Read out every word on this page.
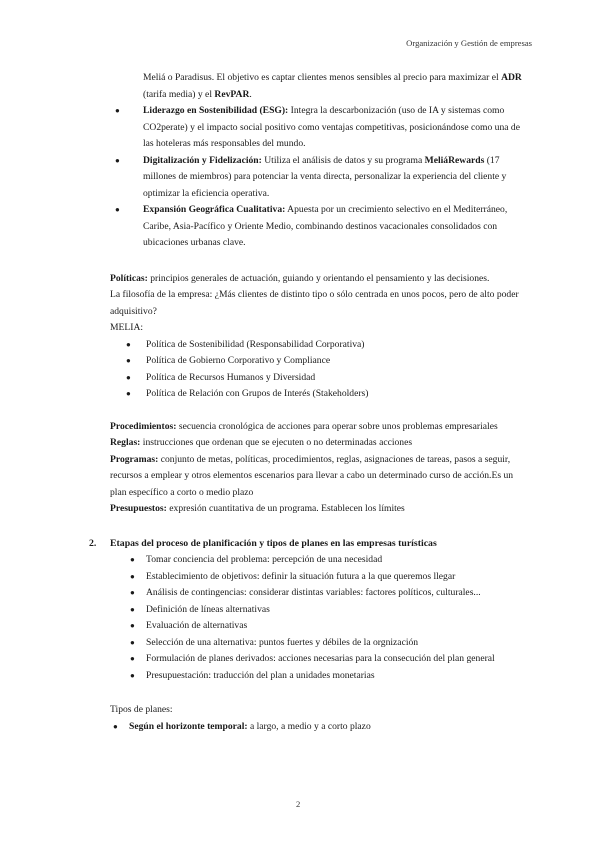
Organización y Gestión de empresas

Meliá o Paradisus. El objetivo es captar clientes menos sensibles al precio para maximizar el ADR (tarifa media) y el RevPAR.

● Liderazgo en Sostenibilidad (ESG): Integra la descarbonización (uso de IA y sistemas como CO2perate) y el impacto social positivo como ventajas competitivas, posicionándose como una de las hoteleras más responsables del mundo.
● Digitalización y Fidelización: Utiliza el análisis de datos y su programa MeliáRewards (17 millones de miembros) para potenciar la venta directa, personalizar la experiencia del cliente y optimizar la eficiencia operativa.
● Expansión Geográfica Cualitativa: Apuesta por un crecimiento selectivo en el Mediterráneo, Caribe, Asia-Pacífico y Oriente Medio, combinando destinos vacacionales consolidados con ubicaciones urbanas clave.

Políticas: principios generales de actuación, guiando y orientando el pensamiento y las decisiones.

La filosofía de la empresa: ¿Más clientes de distinto tipo o sólo centrada en unos pocos, pero de alto poder adquisitivo?

MELIA:

● Política de Sostenibilidad (Responsabilidad Corporativa)
● Política de Gobierno Corporativo y Compliance
● Política de Recursos Humanos y Diversidad
● Política de Relación con Grupos de Interés (Stakeholders)

Procedimientos: secuencia cronológica de acciones para operar sobre unos problemas empresariales

Reglas: instrucciones que ordenan que se ejecuten o no determinadas acciones

Programas: conjunto de metas, políticas, procedimientos, reglas, asignaciones de tareas, pasos a seguir, recursos a emplear y otros elementos escenarios para llevar a cabo un determinado curso de acción.Es un plan específico a corto o medio plazo

Presupuestos: expresión cuantitativa de un programa. Establecen los límites

2. Etapas del proceso de planificación y tipos de planes en las empresas turísticas

● Tomar conciencia del problema: percepción de una necesidad
● Establecimiento de objetivos: definir la situación futura a la que queremos llegar
● Análisis de contingencias: considerar distintas variables: factores políticos, culturales...
● Definición de líneas alternativas
● Evaluación de alternativas
● Selección de una alternativa: puntos fuertes y débiles de la orgnización
● Formulación de planes derivados: acciones necesarias para la consecución del plan general
● Presupuestación: traducción del plan a unidades monetarias

Tipos de planes:

● Según el horizonte temporal: a largo, a medio y a corto plazo
2
